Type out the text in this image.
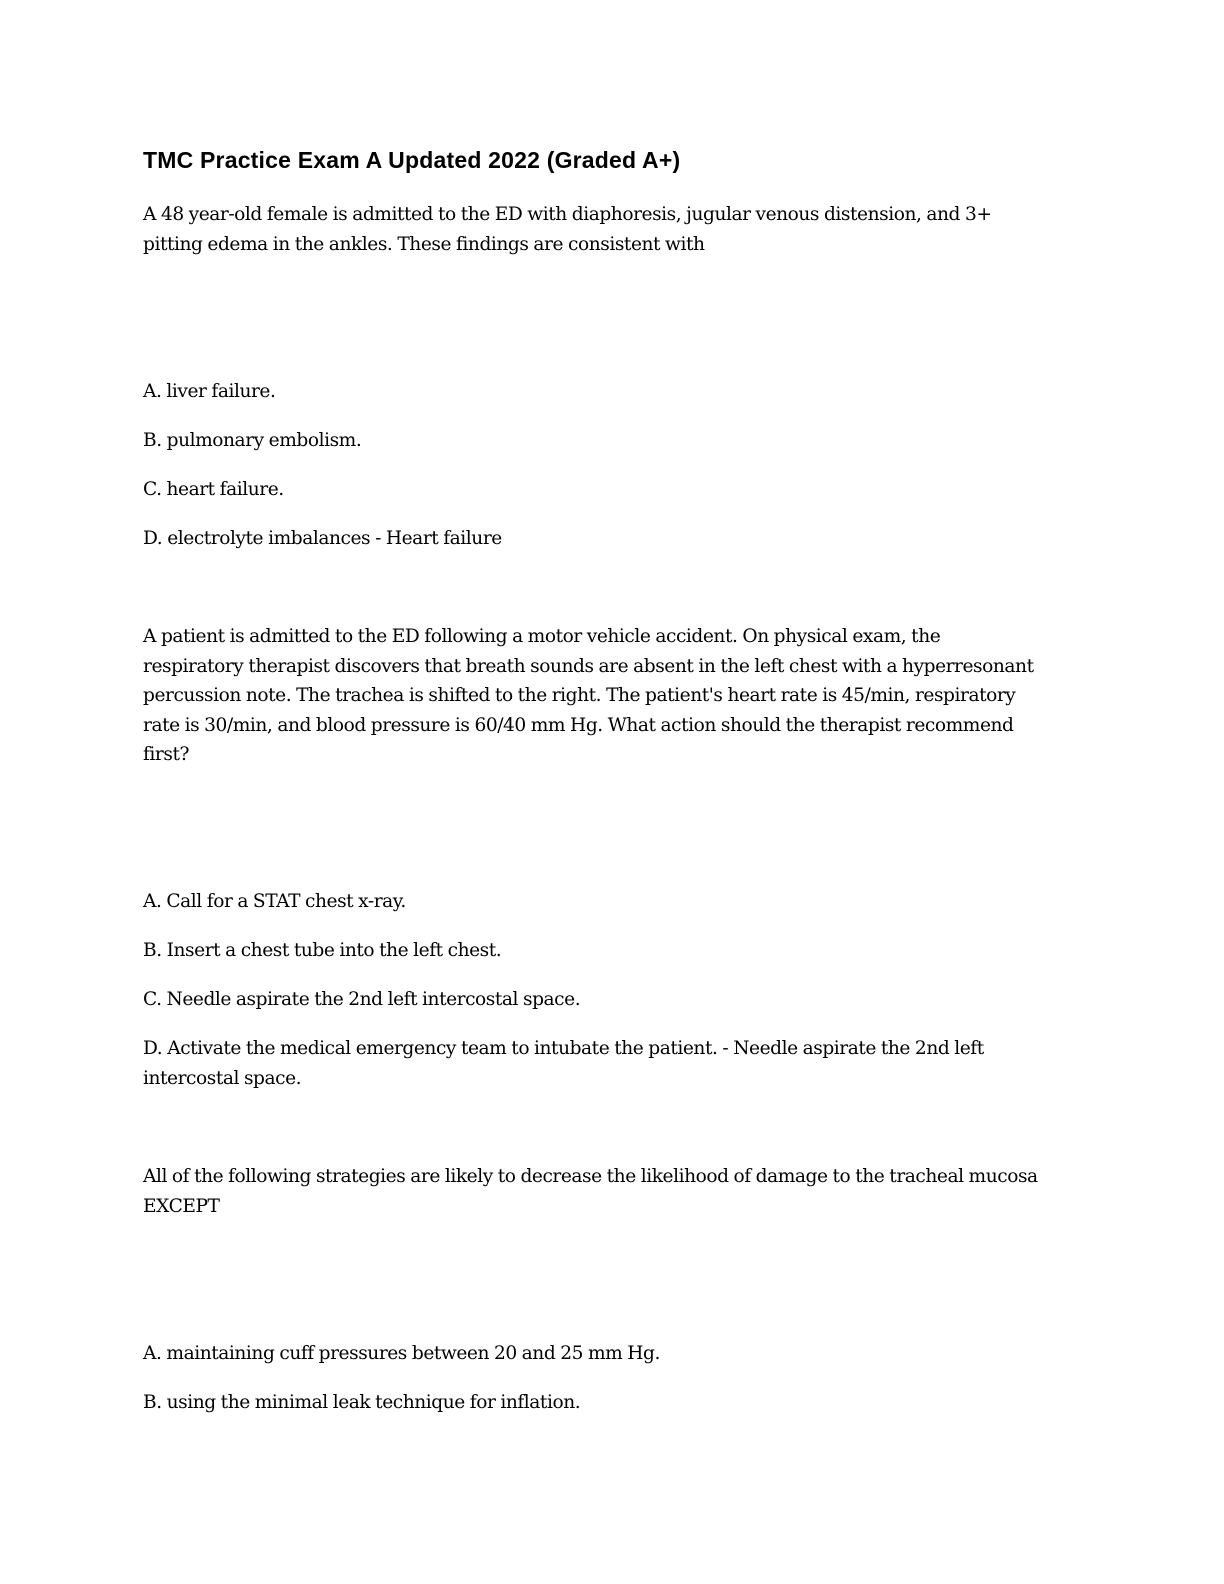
TMC Practice Exam A Updated 2022 (Graded A+)
A 48 year-old female is admitted to the ED with diaphoresis, jugular venous distension, and 3+
pitting edema in the ankles. These findings are consistent with
A. liver failure.
B. pulmonary embolism.
C. heart failure.
D. electrolyte imbalances - Heart failure
A patient is admitted to the ED following a motor vehicle accident. On physical exam, the
respiratory therapist discovers that breath sounds are absent in the left chest with a hyperresonant
percussion note. The trachea is shifted to the right. The patient's heart rate is 45/min, respiratory
rate is 30/min, and blood pressure is 60/40 mm Hg. What action should the therapist recommend
first?
A. Call for a STAT chest x-ray.
B. Insert a chest tube into the left chest.
C. Needle aspirate the 2nd left intercostal space.
D. Activate the medical emergency team to intubate the patient. - Needle aspirate the 2nd left
intercostal space.
All of the following strategies are likely to decrease the likelihood of damage to the tracheal mucosa
EXCEPT
A. maintaining cuff pressures between 20 and 25 mm Hg.
B. using the minimal leak technique for inflation.
